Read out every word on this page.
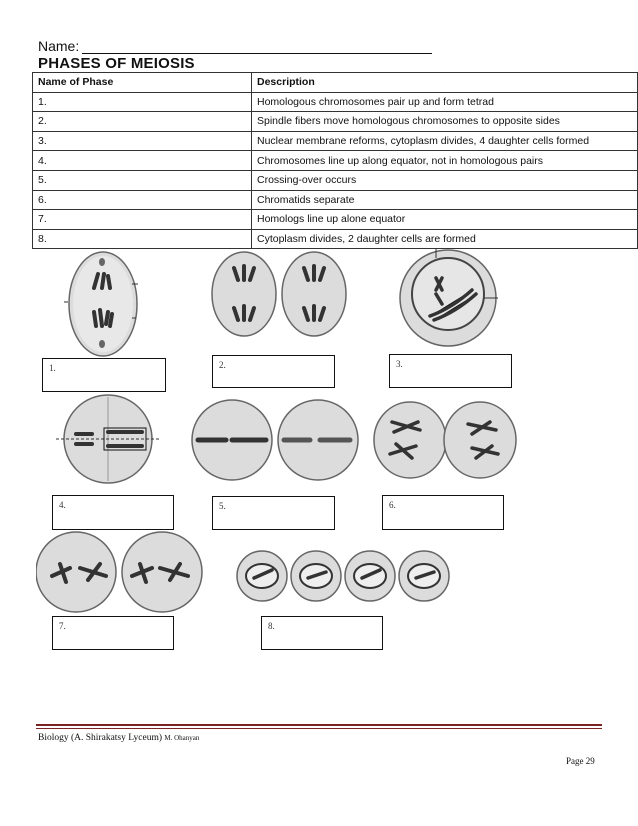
Name:
PHASES OF MEIOSIS
Name of Phase	Description
1.	Homologous chromosomes pair up and form tetrad
2.	Spindle fibers move homologous chromosomes to opposite sides
3.	Nuclear membrane reforms, cytoplasm divides, 4 daughter cells formed
4.	Chromosomes line up along equator, not in homologous pairs
5.	Crossing-over occurs
6.	Chromatids separate
7.	Homologs line up alone equator
8.	Cytoplasm divides, 2 daughter cells are formed
1.	2.	3.
4.	5.	6.
7.	8.
Biology (A. Shirakatsy Lyceum) M. Ohanyan
Page 29
